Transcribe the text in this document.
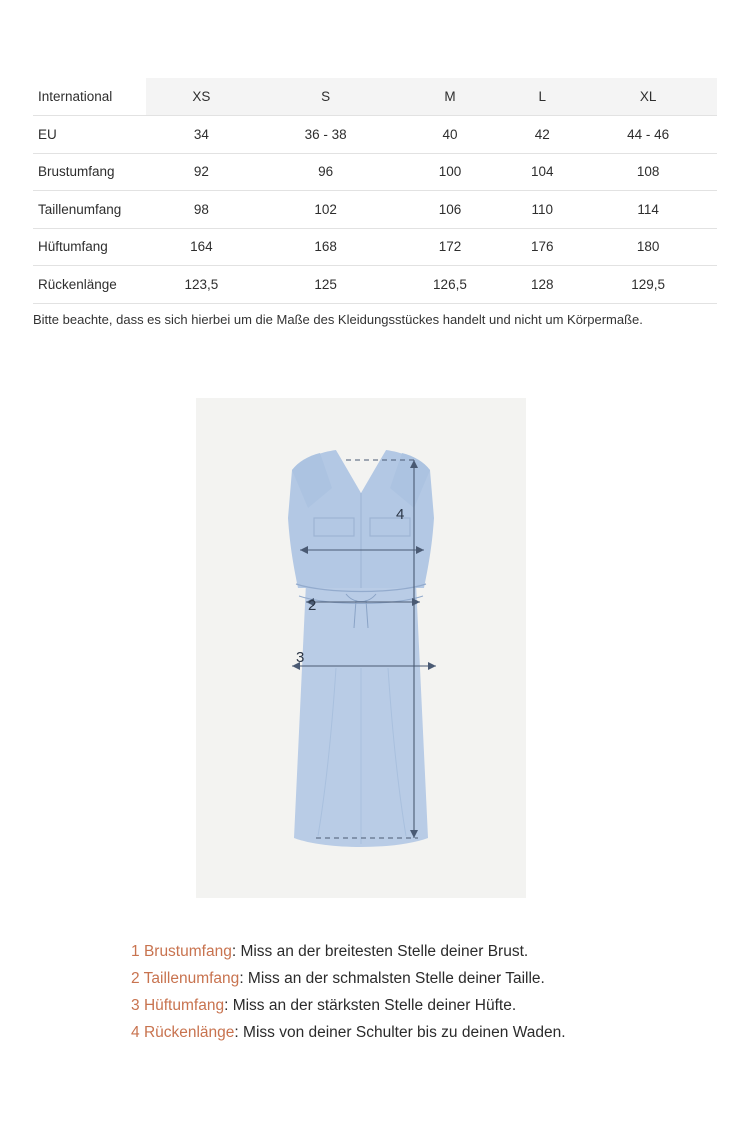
International	XS	S	M	L	XL
EU	34	36 - 38	40	42	44 - 46
Brustumfang	92	96	100	104	108
Taillenumfang	98	102	106	110	114
Hüftumfang	164	168	172	176	180
Rückenlänge	123,5	125	126,5	128	129,5
Bitte beachte, dass es sich hierbei um die Maße des Kleidungsstückes handelt und nicht um Körpermaße.
4
2
3
1 Brustumfang: Miss an der breitesten Stelle deiner Brust.
2 Taillenumfang: Miss an der schmalsten Stelle deiner Taille.
3 Hüftumfang: Miss an der stärksten Stelle deiner Hüfte.
4 Rückenlänge: Miss von deiner Schulter bis zu deinen Waden.
